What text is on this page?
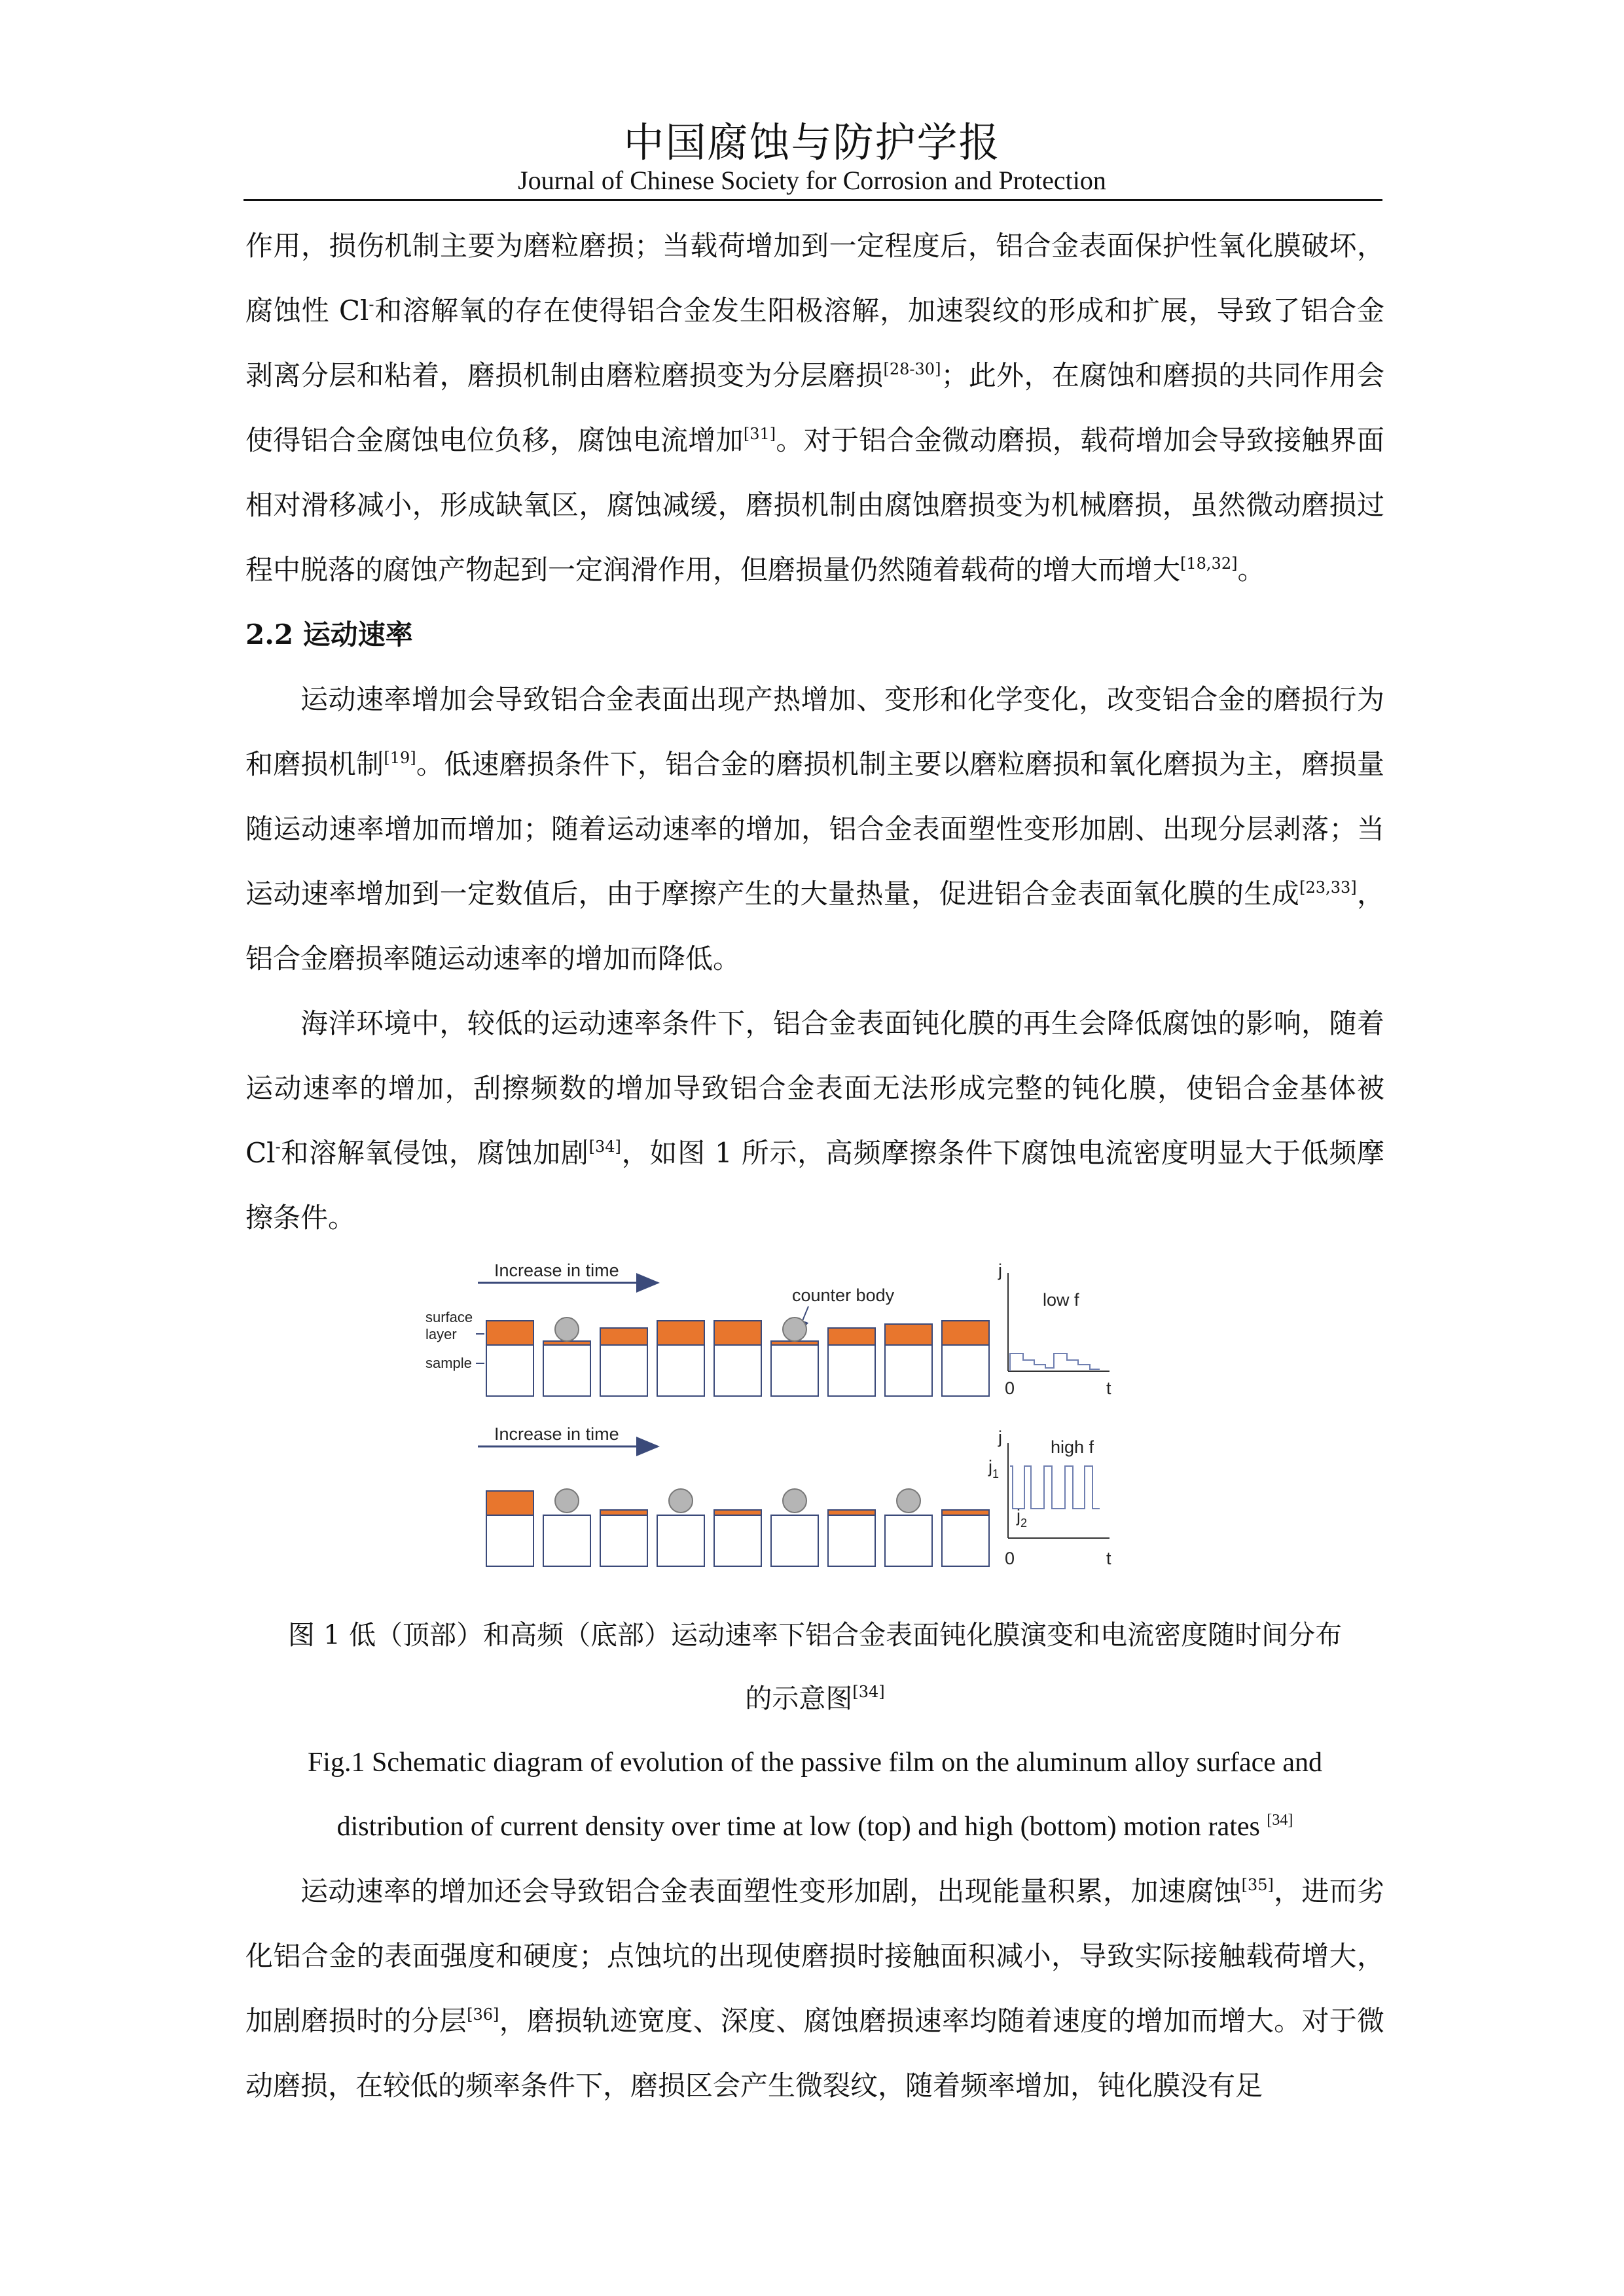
中国腐蚀与防护学报
Journal of Chinese Society for Corrosion and Protection

作用，损伤机制主要为磨粒磨损；当载荷增加到一定程度后，铝合金表面保护性氧化膜破坏，腐蚀性 Cl-和溶解氧的存在使得铝合金发生阳极溶解，加速裂纹的形成和扩展，导致了铝合金剥离分层和粘着，磨损机制由磨粒磨损变为分层磨损[28-30]；此外，在腐蚀和磨损的共同作用会使得铝合金腐蚀电位负移，腐蚀电流增加[31]。对于铝合金微动磨损，载荷增加会导致接触界面相对滑移减小，形成缺氧区，腐蚀减缓，磨损机制由腐蚀磨损变为机械磨损，虽然微动磨损过程中脱落的腐蚀产物起到一定润滑作用，但磨损量仍然随着载荷的增大而增大[18,32]。

2.2 运动速率

运动速率增加会导致铝合金表面出现产热增加、变形和化学变化，改变铝合金的磨损行为和磨损机制[19]。低速磨损条件下，铝合金的磨损机制主要以磨粒磨损和氧化磨损为主，磨损量随运动速率增加而增加；随着运动速率的增加，铝合金表面塑性变形加剧、出现分层剥落；当运动速率增加到一定数值后，由于摩擦产生的大量热量，促进铝合金表面氧化膜的生成[23,33]，铝合金磨损率随运动速率的增加而降低。

海洋环境中，较低的运动速率条件下，铝合金表面钝化膜的再生会降低腐蚀的影响，随着运动速率的增加，刮擦频数的增加导致铝合金表面无法形成完整的钝化膜，使铝合金基体被 Cl-和溶解氧侵蚀，腐蚀加剧[34]，如图 1 所示，高频摩擦条件下腐蚀电流密度明显大于低频摩擦条件。

Increase in time
counter body
surface
layer
sample
j
0	t
low f
Increase in time	j
0	t
high f
$j_1$
$j_2$

图 1 低（顶部）和高频（底部）运动速率下铝合金表面钝化膜演变和电流密度随时间分布

的示意图[34]

Fig.1 Schematic diagram of evolution of the passive film on the aluminum alloy surface and

distribution of current density over time at low (top) and high (bottom) motion rates [34]

运动速率的增加还会导致铝合金表面塑性变形加剧，出现能量积累，加速腐蚀[35]，进而劣化铝合金的表面强度和硬度；点蚀坑的出现使磨损时接触面积减小，导致实际接触载荷增大，加剧磨损时的分层[36]，磨损轨迹宽度、深度、腐蚀磨损速率均随着速度的增加而增大。对于微动磨损，在较低的频率条件下，磨损区会产生微裂纹，随着频率增加，钝化膜没有足
